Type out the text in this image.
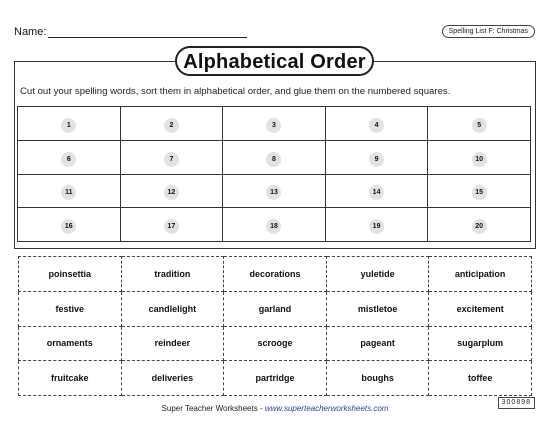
Name:	Spelling List F: Christmas
Alphabetical Order
Cut out your spelling words, sort them in alphabetical order, and glue them on the numbered squares.
1	2	3	4	5
6	7	8	9	10
11	12	13	14	15
16	17	18	19	20
poinsettia	tradition	decorations	yuletide	anticipation
festive	candlelight	garland	mistletoe	excitement
ornaments	reindeer	scrooge	pageant	sugarplum
fruitcake	deliveries	partridge	boughs	toffee
Super Teacher Worksheets - www.superteacherworksheets.com
300898
